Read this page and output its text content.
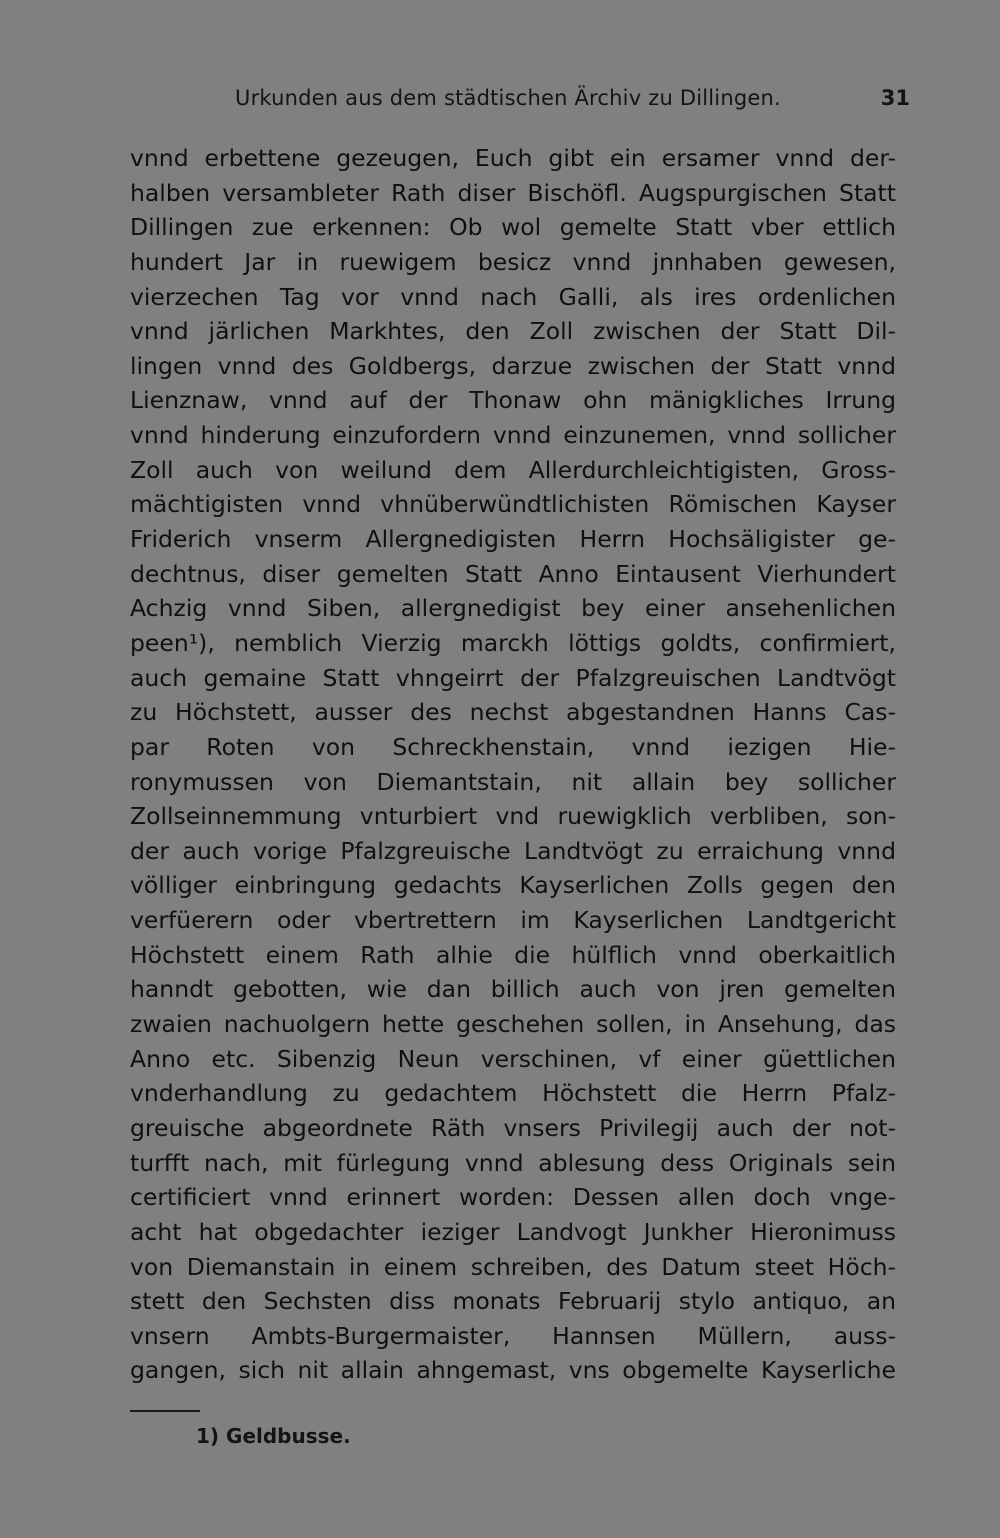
Urkunden aus dem städtischen Ärchiv zu Dillingen.	31
vnnd erbettene gezeugen, Euch gibt ein ersamer vnnd der-
halben versambleter Rath diser Bischöfl. Augspurgischen Statt
Dillingen zue erkennen: Ob wol gemelte Statt vber ettlich
hundert Jar in ruewigem besicz vnnd jnnhaben gewesen,
vierzechen Tag vor vnnd nach Galli, als ires ordenlichen
vnnd järlichen Markhtes, den Zoll zwischen der Statt Dil-
lingen vnnd des Goldbergs, darzue zwischen der Statt vnnd
Lienznaw, vnnd auf der Thonaw ohn mänigkliches Irrung
vnnd hinderung einzufordern vnnd einzunemen, vnnd sollicher
Zoll auch von weilund dem Allerdurchleichtigisten, Gross-
mächtigisten vnnd vhnüberwündtlichisten Römischen Kayser
Friderich vnserm Allergnedigisten Herrn Hochsäligister ge-
dechtnus, diser gemelten Statt Anno Eintausent Vierhundert
Achzig vnnd Siben, allergnedigist bey einer ansehenlichen
peen¹), nemblich Vierzig marckh löttigs goldts, confirmiert,
auch gemaine Statt vhngeirrt der Pfalzgreuischen Landtvögt
zu Höchstett, ausser des nechst abgestandnen Hanns Cas-
par Roten von Schreckhenstain, vnnd iezigen Hie-
ronymussen von Diemantstain, nit allain bey sollicher
Zollseinnemmung vnturbiert vnd ruewigklich verbliben, son-
der auch vorige Pfalzgreuische Landtvögt zu erraichung vnnd
völliger einbringung gedachts Kayserlichen Zolls gegen den
verfüerern oder vbertrettern im Kayserlichen Landtgericht
Höchstett einem Rath alhie die hülflich vnnd oberkaitlich
hanndt gebotten, wie dan billich auch von jren gemelten
zwaien nachuolgern hette geschehen sollen, in Ansehung, das
Anno etc. Sibenzig Neun verschinen, vf einer güettlichen
vnderhandlung zu gedachtem Höchstett die Herrn Pfalz-
greuische abgeordnete Räth vnsers Privilegij auch der not-
turfft nach, mit fürlegung vnnd ablesung dess Originals sein
certificiert vnnd erinnert worden: Dessen allen doch vnge-
acht hat obgedachter ieziger Landvogt Junkher Hieronimuss
von Diemanstain in einem schreiben, des Datum steet Höch-
stett den Sechsten diss monats Februarij stylo antiquo, an
vnsern Ambts-Burgermaister, Hannsen Müllern, auss-
gangen, sich nit allain ahngemast, vns obgemelte Kayserliche
1) Geldbusse.
